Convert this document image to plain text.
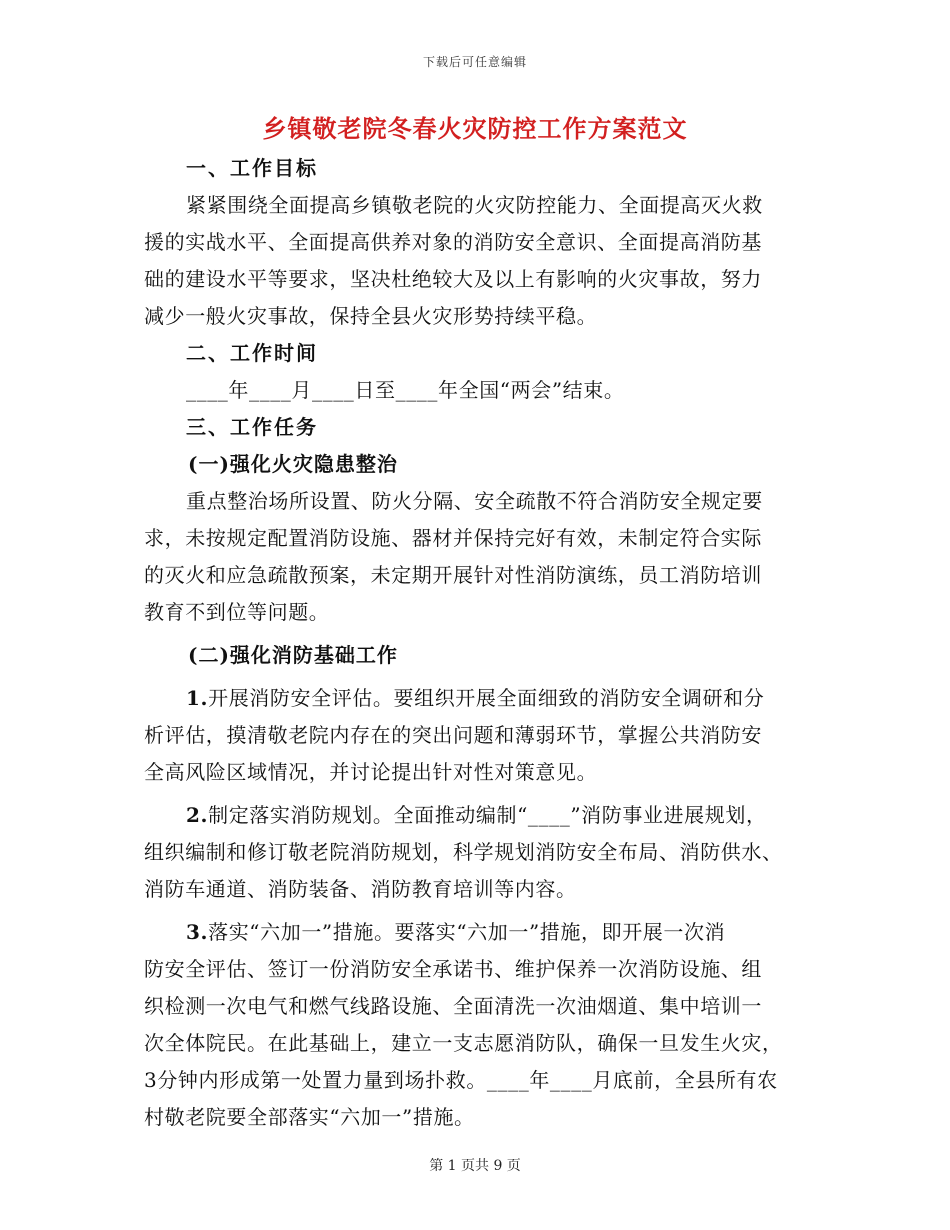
下载后可任意编辑
乡镇敬老院冬春火灾防控工作方案范文
一、工作目标
紧紧围绕全面提高乡镇敬老院的火灾防控能力、全面提高灭火救
援的实战水平、全面提高供养对象的消防安全意识、全面提高消防基
础的建设水平等要求，坚决杜绝较大及以上有影响的火灾事故，努力
减少一般火灾事故，保持全县火灾形势持续平稳。
二、工作时间
____年____月____日至____年全国“两会”结束。
三、工作任务
(一)强化火灾隐患整治
重点整治场所设置、防火分隔、安全疏散不符合消防安全规定要
求，未按规定配置消防设施、器材并保持完好有效，未制定符合实际
的灭火和应急疏散预案，未定期开展针对性消防演练，员工消防培训
教育不到位等问题。
(二)强化消防基础工作
1.开展消防安全评估。要组织开展全面细致的消防安全调研和分
析评估，摸清敬老院内存在的突出问题和薄弱环节，掌握公共消防安
全高风险区域情况，并讨论提出针对性对策意见。
2.制定落实消防规划。全面推动编制“____”消防事业进展规划，
组织编制和修订敬老院消防规划，科学规划消防安全布局、消防供水、
消防车通道、消防装备、消防教育培训等内容。
3.落实“六加一”措施。要落实“六加一”措施，即开展一次消
防安全评估、签订一份消防安全承诺书、维护保养一次消防设施、组
织检测一次电气和燃气线路设施、全面清洗一次油烟道、集中培训一
次全体院民。在此基础上，建立一支志愿消防队，确保一旦发生火灾，
3分钟内形成第一处置力量到场扑救。____年____月底前，全县所有农
村敬老院要全部落实“六加一”措施。
第 1 页共 9 页
